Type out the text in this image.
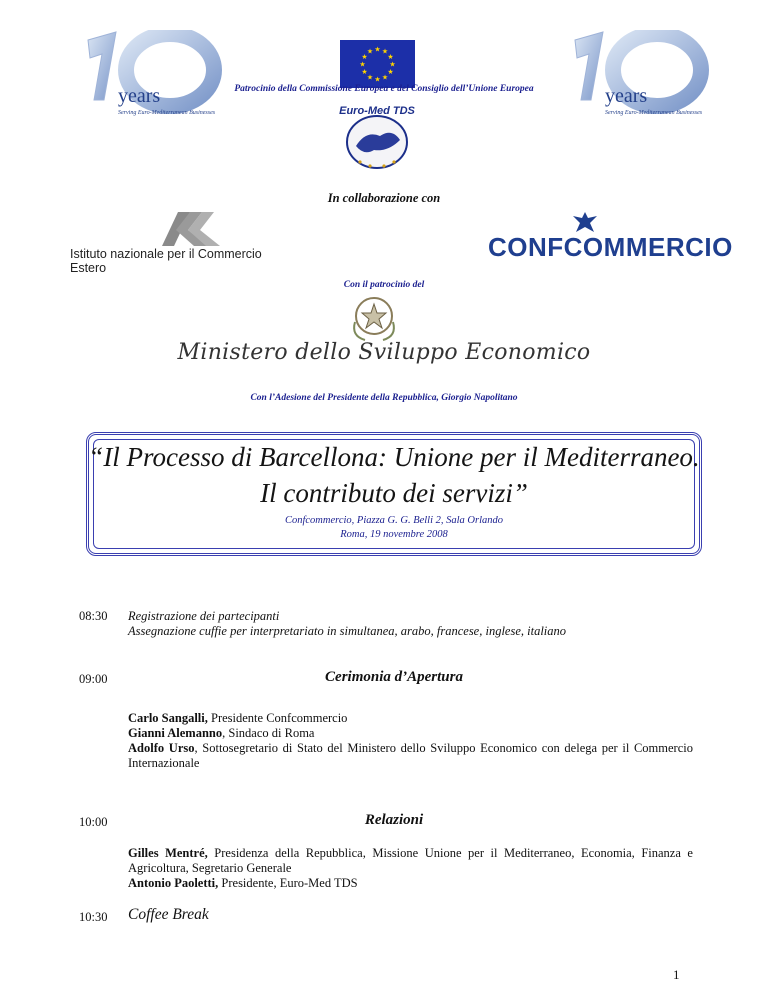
years
Serving Euro-Mediterranean Businesses
years
Serving Euro-Mediterranean Businesses
★
★
★
★
★
★
★
★
★ ★ ★
★
Patrocinio della Commissione Europea e del Consiglio dell’Unione Europea
Euro-Med TDS
In collaborazione con
Istituto nazionale per il Commercio Estero
CONFCOMMERCIO
Con il patrocinio del
Ministero dello Sviluppo Economico
Con l’Adesione del Presidente della Repubblica, Giorgio Napolitano
“Il Processo di Barcellona: Unione per il Mediterraneo.
Il contributo dei servizi”
Confcommercio, Piazza G. G. Belli 2, Sala Orlando
Roma, 19 novembre 2008
08:30 Registrazione dei partecipanti
Assegnazione cuffie per interpretariato in simultanea, arabo, francese, inglese, italiano
09:00	Cerimonia d’Apertura
Carlo Sangalli, Presidente Confcommercio
Gianni Alemanno, Sindaco di Roma
Adolfo Urso, Sottosegretario di Stato del Ministero dello Sviluppo Economico con delega per il Commercio Internazionale
10:00	Relazioni
Gilles Mentré, Presidenza della Repubblica, Missione Unione per il Mediterraneo, Economia, Finanza e Agricoltura, Segretario Generale
Antonio Paoletti, Presidente, Euro-Med TDS
10:30 Coffee Break
1
